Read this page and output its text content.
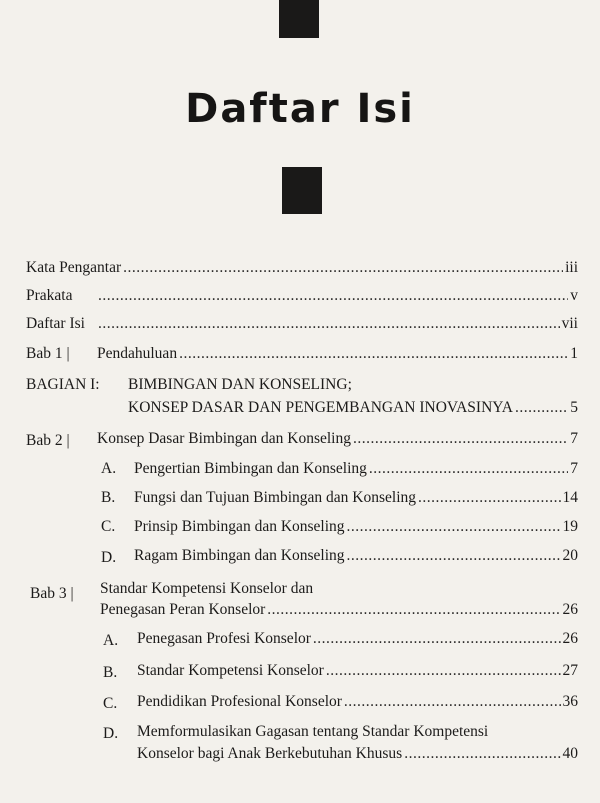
Daftar Isi
Kata Pengantar .....	iii
Prakata .....	v
Daftar Isi .....	vii
Bab 1 | Pendahuluan .....	1
BAGIAN I: BIMBINGAN DAN KONSELING;
KONSEP DASAR DAN PENGEMBANGAN INOVASINYA .....	5
Bab 2 | Konsep Dasar Bimbingan dan Konseling .....	7
A. Pengertian Bimbingan dan Konseling .....	7
B. Fungsi dan Tujuan Bimbingan dan Konseling .....	14
C. Prinsip Bimbingan dan Konseling .....	19
D. Ragam Bimbingan dan Konseling .....	20
Bab 3 | Standar Kompetensi Konselor dan
Penegasan Peran Konselor .....	26
A. Penegasan Profesi Konselor .....	26
B. Standar Kompetensi Konselor .....	27
C. Pendidikan Profesional Konselor .....	36
D. Memformulasikan Gagasan tentang Standar Kompetensi
Konselor bagi Anak Berkebutuhan Khusus .....	40
